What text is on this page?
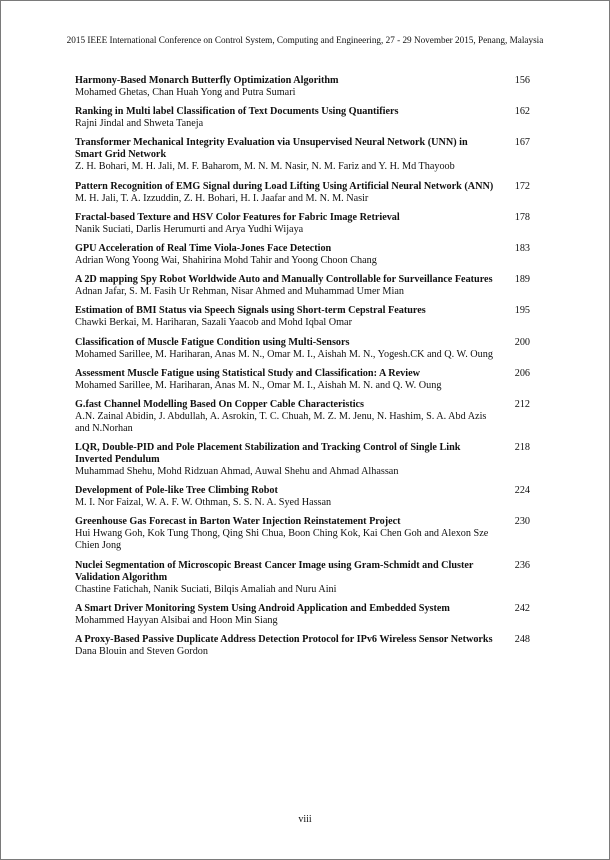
2015 IEEE International Conference on Control System, Computing and Engineering, 27 - 29 November 2015, Penang, Malaysia
Harmony-Based Monarch Butterfly Optimization Algorithm
Mohamed Ghetas, Chan Huah Yong and Putra Sumari
156
Ranking in Multi label Classification of Text Documents Using Quantifiers
Rajni Jindal and Shweta Taneja
162
Transformer Mechanical Integrity Evaluation via Unsupervised Neural Network (UNN) in Smart Grid Network
Z. H. Bohari, M. H. Jali, M. F. Baharom, M. N. M. Nasir, N. M. Fariz and Y. H. Md Thayoob
167
Pattern Recognition of EMG Signal during Load Lifting Using Artificial Neural Network (ANN)
M. H. Jali, T. A. Izzuddin, Z. H. Bohari, H. I. Jaafar and M. N. M. Nasir
172
Fractal-based Texture and HSV Color Features for Fabric Image Retrieval
Nanik Suciati, Darlis Herumurti and Arya Yudhi Wijaya
178
GPU Acceleration of Real Time Viola-Jones Face Detection
Adrian Wong Yoong Wai, Shahirina Mohd Tahir and Yoong Choon Chang
183
A 2D mapping Spy Robot Worldwide Auto and Manually Controllable for Surveillance Features
Adnan Jafar, S. M. Fasih Ur Rehman, Nisar Ahmed and Muhammad Umer Mian
189
Estimation of BMI Status via Speech Signals using Short-term Cepstral Features
Chawki Berkai, M. Hariharan, Sazali Yaacob and Mohd Iqbal Omar
195
Classification of Muscle Fatigue Condition using Multi-Sensors
Mohamed Sarillee, M. Hariharan, Anas M. N., Omar M. I., Aishah M. N., Yogesh.CK and Q. W. Oung
200
Assessment Muscle Fatigue using Statistical Study and Classification: A Review
Mohamed Sarillee, M. Hariharan, Anas M. N., Omar M. I., Aishah M. N. and Q. W. Oung
206
G.fast Channel Modelling Based On Copper Cable Characteristics
A.N. Zainal Abidin, J. Abdullah, A. Asrokin, T. C. Chuah, M. Z. M. Jenu, N. Hashim, S. A. Abd Azis and N.Norhan
212
LQR, Double-PID and Pole Placement Stabilization and Tracking Control of Single Link Inverted Pendulum
Muhammad Shehu, Mohd Ridzuan Ahmad, Auwal Shehu and Ahmad Alhassan
218
Development of Pole-like Tree Climbing Robot
M. I. Nor Faizal, W. A. F. W. Othman, S. S. N. A. Syed Hassan
224
Greenhouse Gas Forecast in Barton Water Injection Reinstatement Project
Hui Hwang Goh, Kok Tung Thong, Qing Shi Chua, Boon Ching Kok, Kai Chen Goh and Alexon Sze Chien Jong
230
Nuclei Segmentation of Microscopic Breast Cancer Image using Gram-Schmidt and Cluster Validation Algorithm
Chastine Fatichah, Nanik Suciati, Bilqis Amaliah and Nuru Aini
236
A Smart Driver Monitoring System Using Android Application and Embedded System
Mohammed Hayyan Alsibai and Hoon Min Siang
242
A Proxy-Based Passive Duplicate Address Detection Protocol for IPv6 Wireless Sensor Networks
Dana Blouin and Steven Gordon
248
viii
